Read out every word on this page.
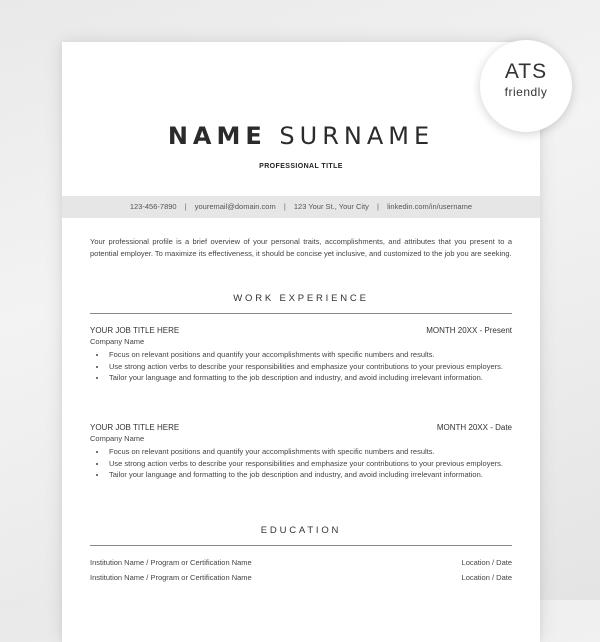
NAME SURNAME
PROFESSIONAL TITLE
123-456-7890 | youremail@domain.com | 123 Your St., Your City | linkedin.com/in/username
Your professional profile is a brief overview of your personal traits, accomplishments, and attributes that you present to a potential employer. To maximize its effectiveness, it should be concise yet inclusive, and customized to the job you are seeking.
WORK EXPERIENCE
YOUR JOB TITLE HERE	MONTH 20XX - Present
Company Name
• Focus on relevant positions and quantify your accomplishments with specific numbers and results.
• Use strong action verbs to describe your responsibilities and emphasize your contributions to your previous employers.
• Tailor your language and formatting to the job description and industry, and avoid including irrelevant information.
YOUR JOB TITLE HERE	MONTH 20XX - Date
Company Name
• Focus on relevant positions and quantify your accomplishments with specific numbers and results.
• Use strong action verbs to describe your responsibilities and emphasize your contributions to your previous employers.
• Tailor your language and formatting to the job description and industry, and avoid including irrelevant information.
EDUCATION
Institution Name / Program or Certification Name	Location / Date
Institution Name / Program or Certification Name	Location / Date
ATS
friendly
